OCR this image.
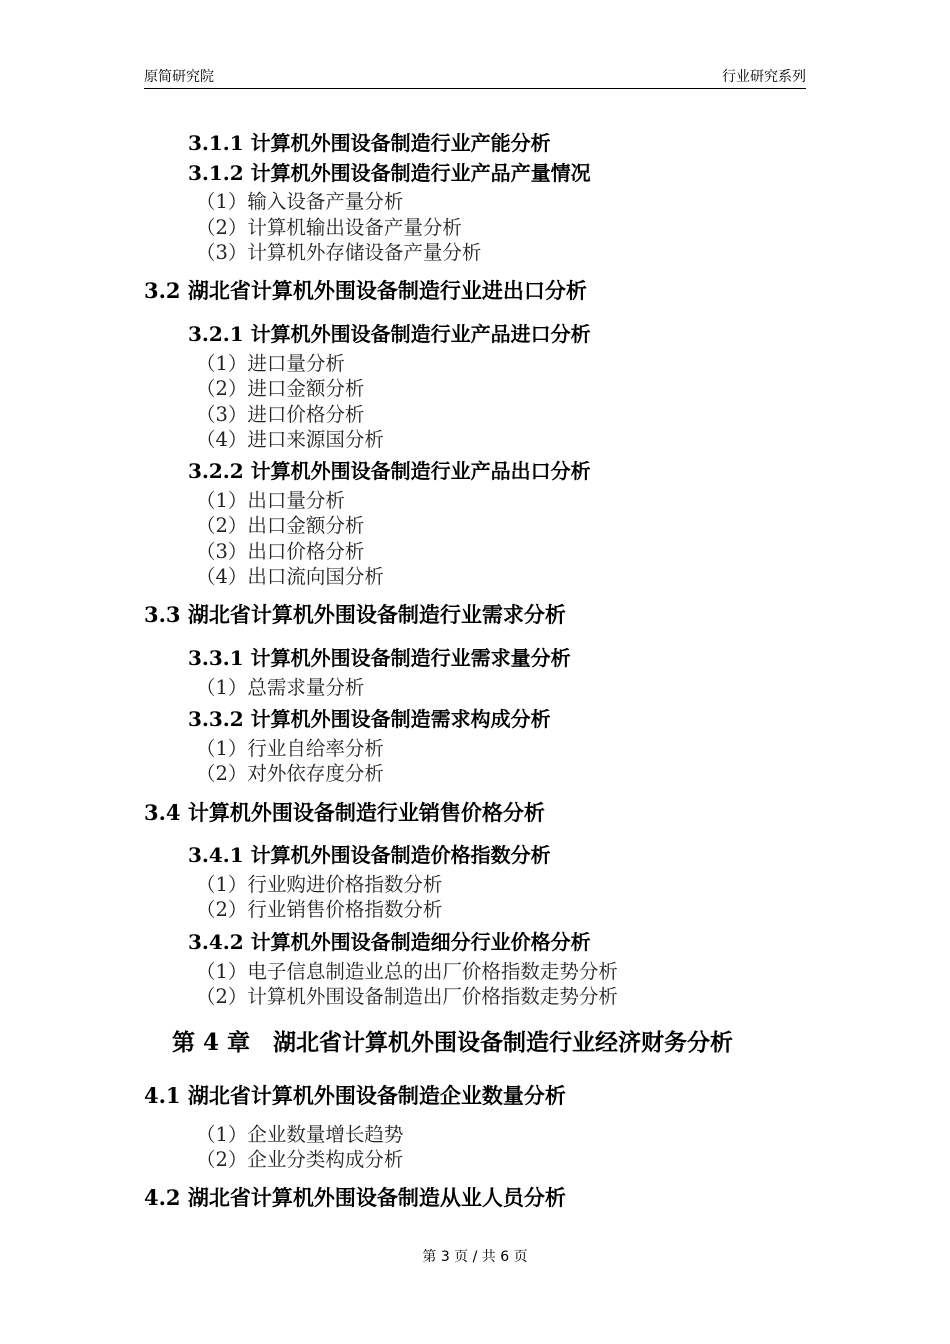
原简研究院	行业研究系列
3.1.1 计算机外围设备制造行业产能分析
3.1.2 计算机外围设备制造行业产品产量情况
（1）输入设备产量分析
（2）计算机输出设备产量分析
（3）计算机外存储设备产量分析
3.2 湖北省计算机外围设备制造行业进出口分析
3.2.1 计算机外围设备制造行业产品进口分析
（1）进口量分析
（2）进口金额分析
（3）进口价格分析
（4）进口来源国分析
3.2.2 计算机外围设备制造行业产品出口分析
（1）出口量分析
（2）出口金额分析
（3）出口价格分析
（4）出口流向国分析
3.3 湖北省计算机外围设备制造行业需求分析
3.3.1 计算机外围设备制造行业需求量分析
（1）总需求量分析
3.3.2 计算机外围设备制造需求构成分析
（1）行业自给率分析
（2）对外依存度分析
3.4 计算机外围设备制造行业销售价格分析
3.4.1 计算机外围设备制造价格指数分析
（1）行业购进价格指数分析
（2）行业销售价格指数分析
3.4.2 计算机外围设备制造细分行业价格分析
（1）电子信息制造业总的出厂价格指数走势分析
（2）计算机外围设备制造出厂价格指数走势分析
第 4 章　湖北省计算机外围设备制造行业经济财务分析
4.1 湖北省计算机外围设备制造企业数量分析
（1）企业数量增长趋势
（2）企业分类构成分析
4.2 湖北省计算机外围设备制造从业人员分析
第 3 页 / 共 6 页
